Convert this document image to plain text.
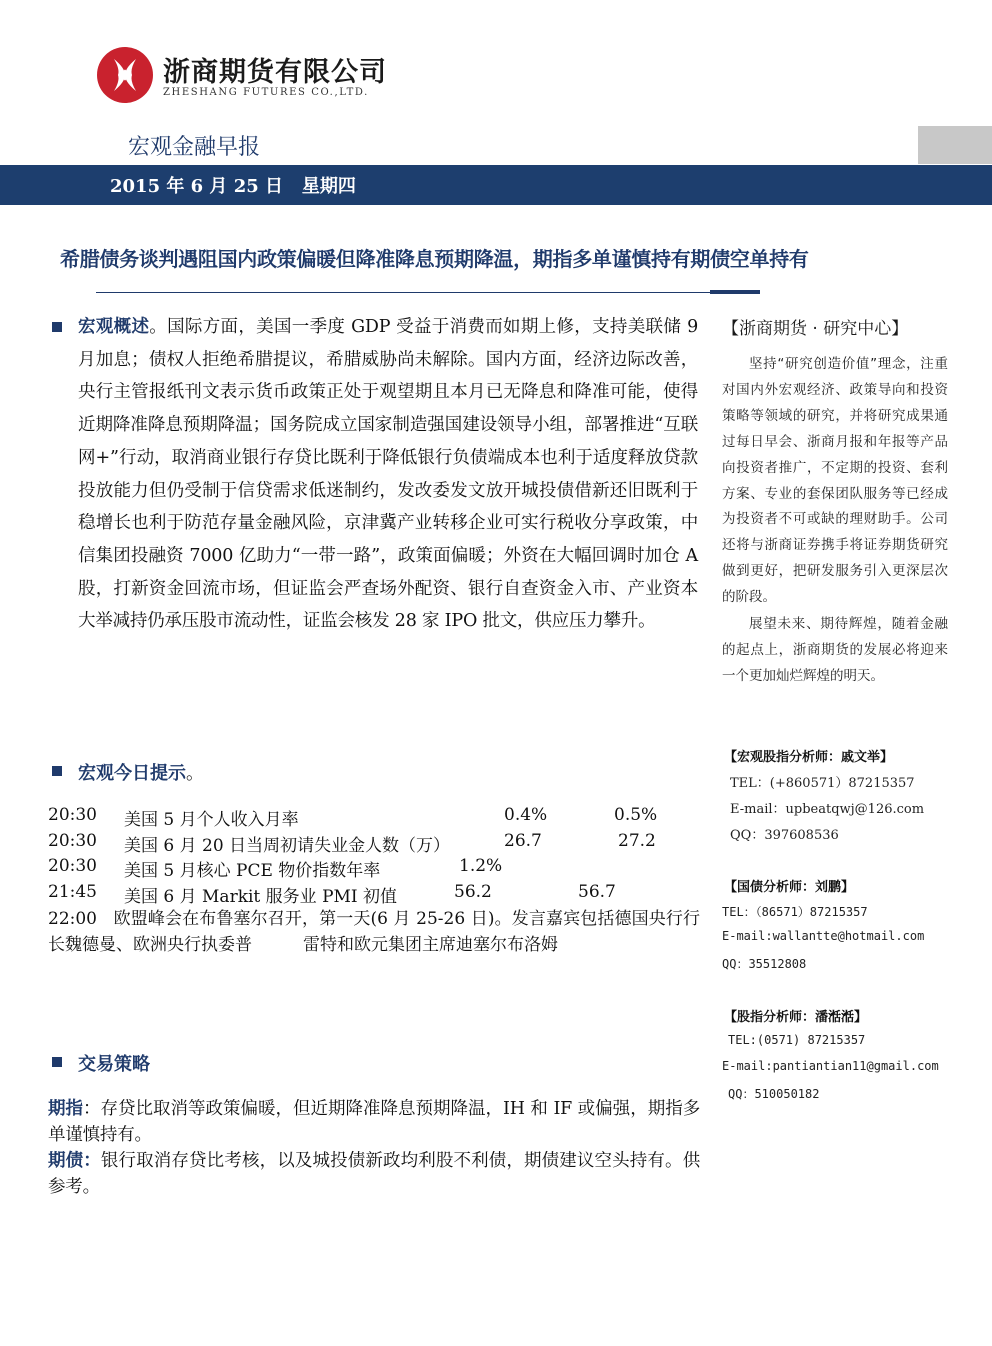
浙商期货有限公司
ZHESHANG FUTURES CO.,LTD.
宏观金融早报
2015 年 6 月 25 日 星期四
希腊债务谈判遇阻国内政策偏暖但降准降息预期降温，期指多单谨慎持有期债空单持有
宏观概述。国际方面，美国一季度 GDP 受益于消费而如期上修，支持美联储 9 月加息；债权人拒绝希腊提议，希腊威胁尚未解除。国内方面，经济边际改善，央行主管报纸刊文表示货币政策正处于观望期且本月已无降息和降准可能，使得近期降准降息预期降温；国务院成立国家制造强国建设领导小组，部署推进“互联网+”行动，取消商业银行存贷比既利于降低银行负债端成本也利于适度释放贷款投放能力但仍受制于信贷需求低迷制约，发改委发文放开城投债借新还旧既利于稳增长也利于防范存量金融风险，京津冀产业转移企业可实行税收分享政策，中信集团投融资 7000 亿助力“一带一路”，政策面偏暖；外资在大幅回调时加仓 A 股，打新资金回流市场，但证监会严查场外配资、银行自查资金入市、产业资本大举减持仍承压股市流动性，证监会核发 28 家 IPO 批文，供应压力攀升。
宏观今日提示。
20:30 美国 5 月个人收入月率	0.4%	0.5%
20:30 美国 6 月 20 日当周初请失业金人数（万）	26.7	27.2
20:30 美国 5 月核心 PCE 物价指数年率	1.2%
21:45 美国 6 月 Markit 服务业 PMI 初值	56.2	56.7
22:00 欧盟峰会在布鲁塞尔召开，第一天(6 月 25-26 日)。发言嘉宾包括德国央行行长魏德曼、欧洲央行执委普　　　雷特和欧元集团主席迪塞尔布洛姆
交易策略
期指：存贷比取消等政策偏暖，但近期降准降息预期降温，IH 和 IF 或偏强，期指多单谨慎持有。
期债：银行取消存贷比考核，以及城投债新政均利股不利债，期债建议空头持有。供参考。
【浙商期货 · 研究中心】
坚持“研究创造价值”理念，注重对国内外宏观经济、政策导向和投资策略等领域的研究，并将研究成果通过每日早会、浙商月报和年报等产品向投资者推广，不定期的投资、套利方案、专业的套保团队服务等已经成为投资者不可或缺的理财助手。公司还将与浙商证券携手将证券期货研究做到更好，把研发服务引入更深层次的阶段。
展望未来、期待辉煌，随着金融的起点上，浙商期货的发展必将迎来一个更加灿烂辉煌的明天。
【宏观股指分析师：戚文举】
TEL：(+860571）87215357
E-mail：upbeatqwj@126.com
QQ：397608536
【国债分析师：刘鹏】
TEL：（86571）87215357
E-mail:wallantte@hotmail.com
QQ：35512808
【股指分析师：潘湉湉】
TEL:(0571) 87215357
E-mail:pantiantian11@gmail.com
QQ：510050182
